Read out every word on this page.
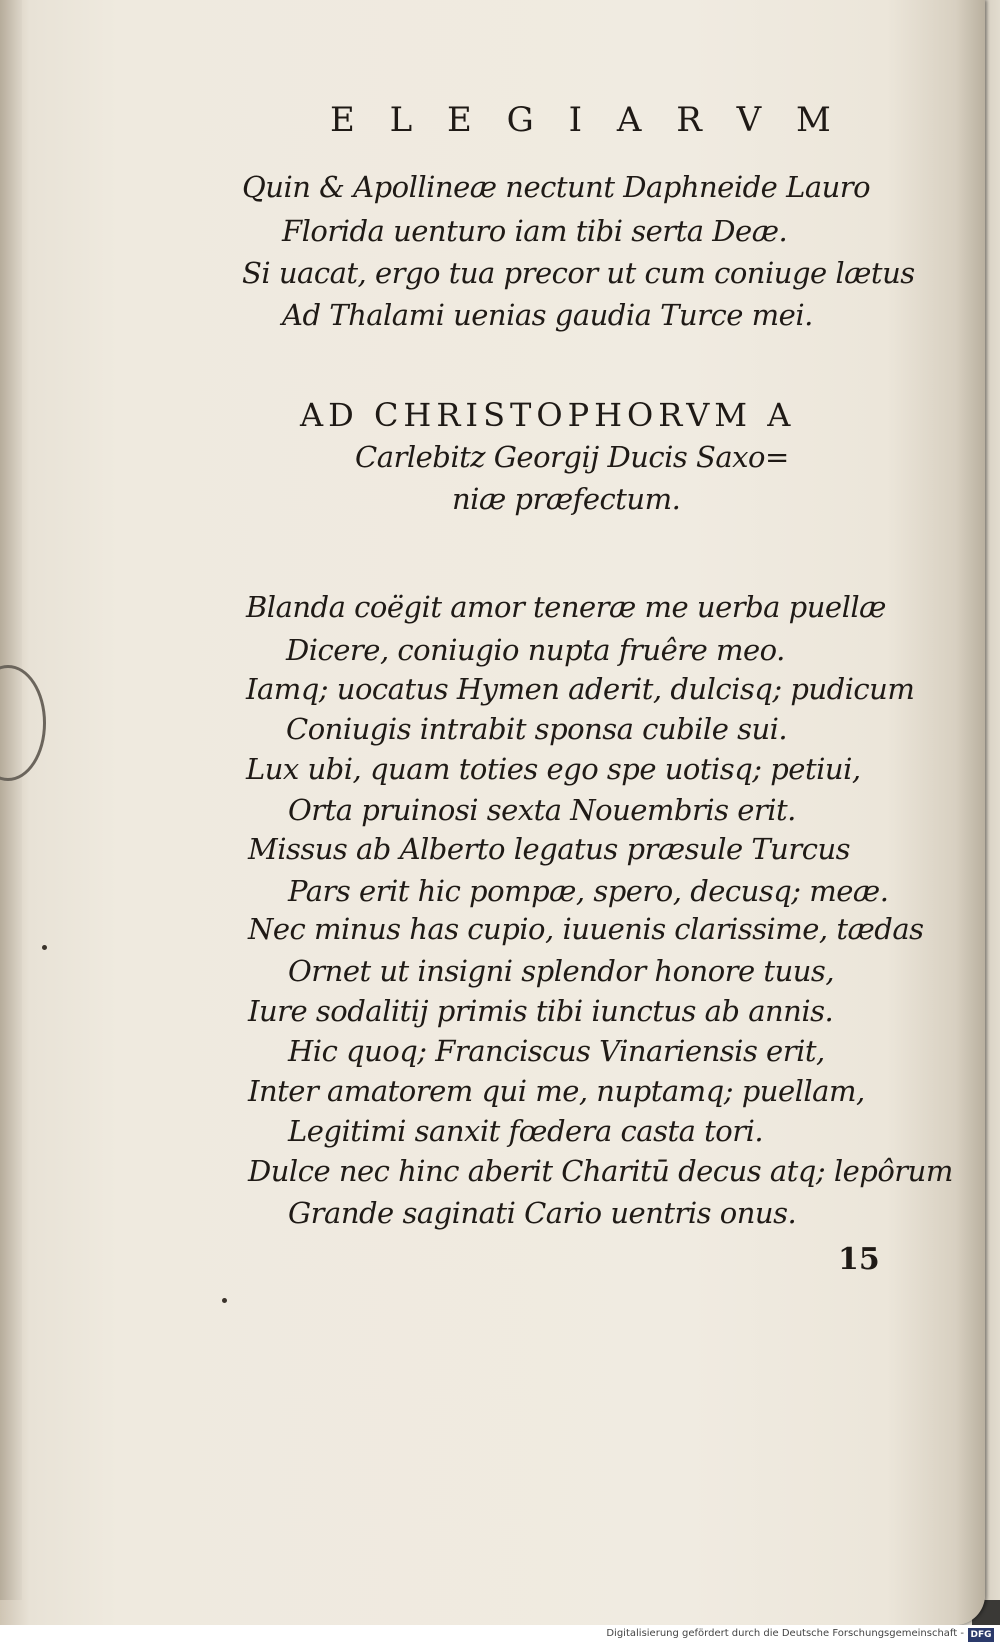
E L E G I A R V M
Quin & Apollineæ nectunt Daphneide Lauro
Florida uenturo iam tibi serta Deæ.
Si uacat, ergo tua precor ut cum coniuge lætus
Ad Thalami uenias gaudia Turce mei.
AD CHRISTOPHORVM A
Carlebitz Georgij Ducis Saxo=
niæ præfectum.
Blanda coëgit amor teneræ me uerba puellæ
Dicere, coniugio nupta fruêre meo.
Iamq; uocatus Hymen aderit, dulcisq; pudicum
Coniugis intrabit sponsa cubile sui.
Lux ubi, quam toties ego spe uotisq; petiui,
Orta pruinosi sexta Nouembris erit.
Missus ab Alberto legatus præsule Turcus
Pars erit hic pompæ, spero, decusq; meæ.
Nec minus has cupio, iuuenis clarissime, tædas
Ornet ut insigni splendor honore tuus,
Iure sodalitij primis tibi iunctus ab annis.
Hic quoq; Franciscus Vinariensis erit,
Inter amatorem qui me, nuptamq; puellam,
Legitimi sanxit fœdera casta tori.
Dulce nec hinc aberit Charitū decus atq; lepôrum
Grande saginati Cario uentris onus.
15
Digitalisierung gefördert durch die Deutsche Forschungsgemeinschaft - DFG
